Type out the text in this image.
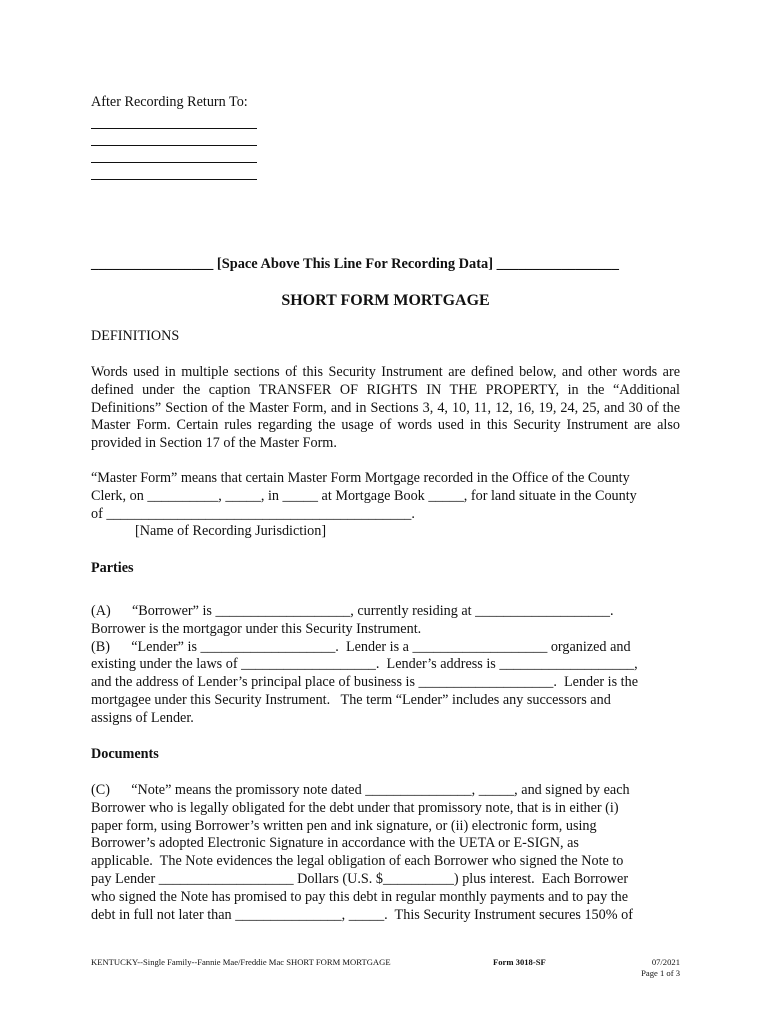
After Recording Return To:
_________________ [Space Above This Line For Recording Data] _________________
SHORT FORM MORTGAGE
DEFINITIONS
Words used in multiple sections of this Security Instrument are defined below, and other words are defined under the caption TRANSFER OF RIGHTS IN THE PROPERTY, in the “Additional Definitions” Section of the Master Form, and in Sections 3, 4, 10, 11, 12, 16, 19, 24, 25, and 30 of the Master Form. Certain rules regarding the usage of words used in this Security Instrument are also provided in Section 17 of the Master Form.
“Master Form” means that certain Master Form Mortgage recorded in the Office of the County
Clerk, on __________, _____, in _____ at Mortgage Book _____, for land situate in the County
of ___________________________________________.
[Name of Recording Jurisdiction]
Parties
(A)      “Borrower” is ___________________, currently residing at ___________________.
Borrower is the mortgagor under this Security Instrument.
(B)      “Lender” is ___________________.  Lender is a ___________________ organized and
existing under the laws of ___________________.  Lender’s address is ___________________,
and the address of Lender’s principal place of business is ___________________.  Lender is the
mortgagee under this Security Instrument.   The term “Lender” includes any successors and
assigns of Lender.
Documents
(C)      “Note” means the promissory note dated _______________, _____, and signed by each
Borrower who is legally obligated for the debt under that promissory note, that is in either (i)
paper form, using Borrower’s written pen and ink signature, or (ii) electronic form, using
Borrower’s adopted Electronic Signature in accordance with the UETA or E-SIGN, as
applicable.  The Note evidences the legal obligation of each Borrower who signed the Note to
pay Lender ___________________ Dollars (U.S. $__________) plus interest.  Each Borrower
who signed the Note has promised to pay this debt in regular monthly payments and to pay the
debt in full not later than _______________, _____.  This Security Instrument secures 150% of
KENTUCKY--Single Family--Fannie Mae/Freddie Mac SHORT FORM MORTGAGE	Form 3018-SF	07/2021
Page 1 of 3
